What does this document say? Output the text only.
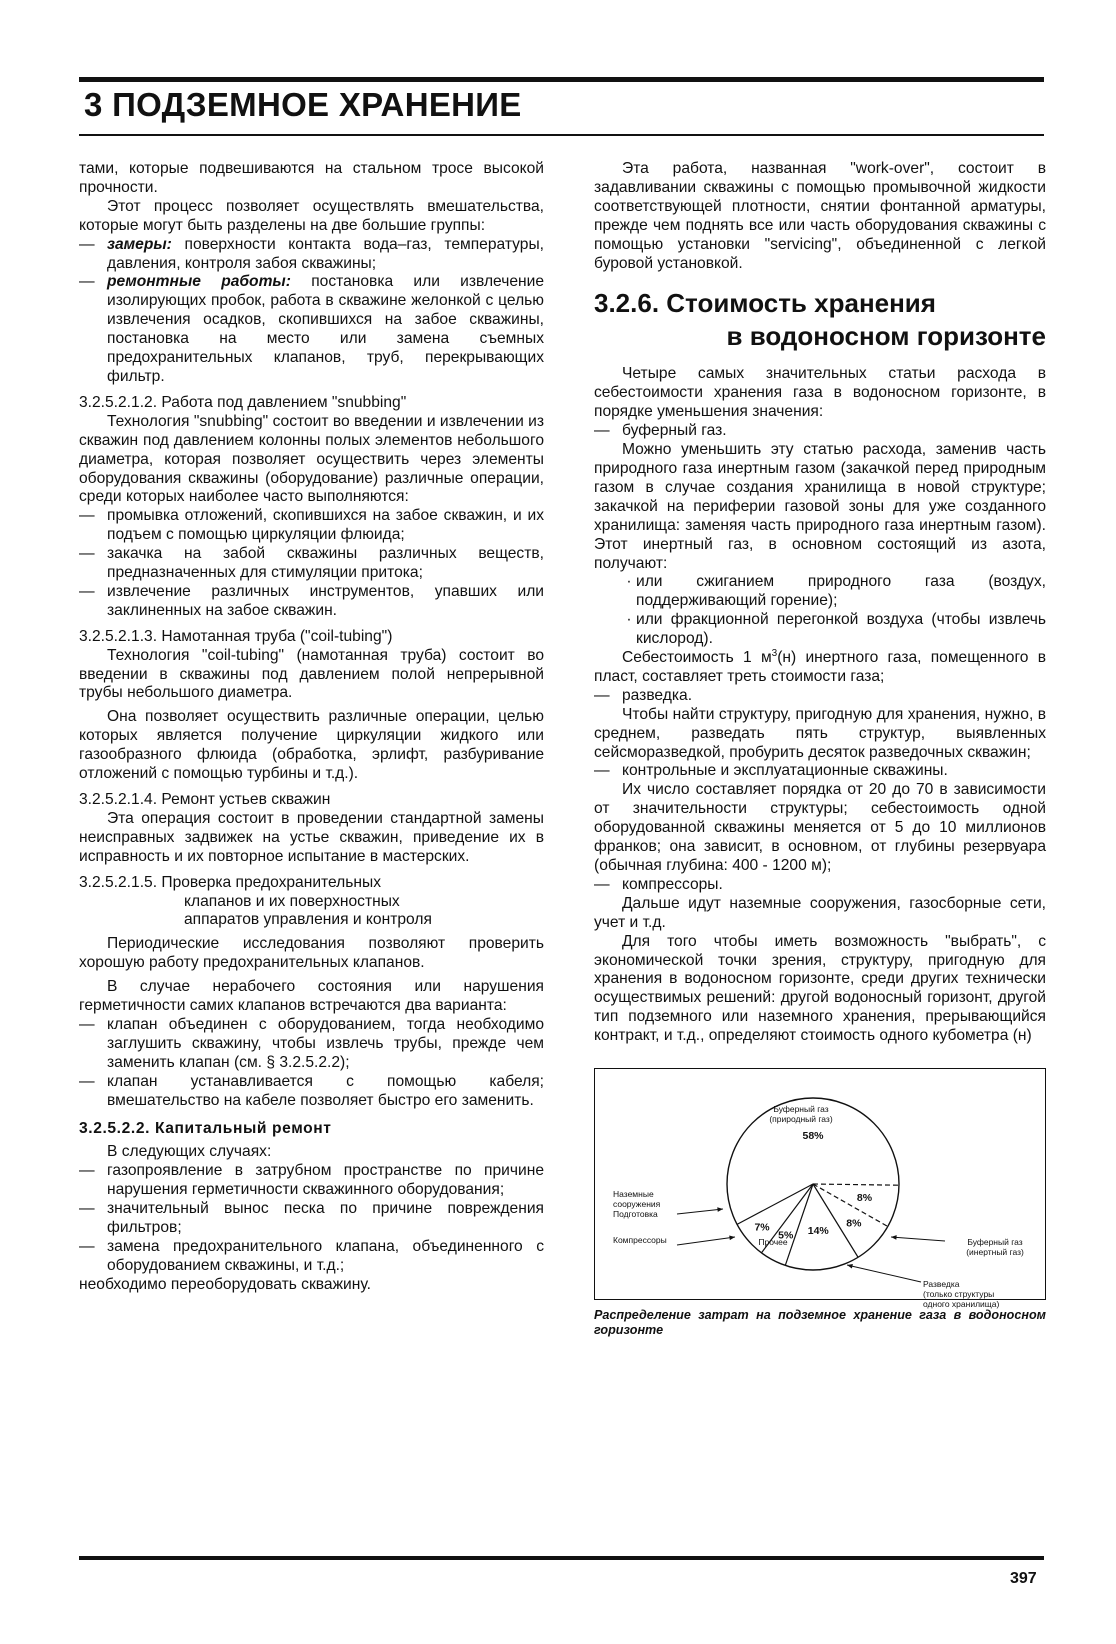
3 ПОДЗЕМНОЕ ХРАНЕНИЕ

тами, которые подвешиваются на стальном тросе высокой прочности.

Этот процесс позволяет осуществлять вмешательства, которые могут быть разделены на две большие группы:

— замеры: поверхности контакта вода–газ, температуры, давления, контроля забоя скважины;
— ремонтные работы: постановка или извлечение изолирующих пробок, работа в скважине желонкой с целью извлечения осадков, скопившихся на забое скважины, постановка на место или замена съемных предохранительных клапанов, труб, перекрывающих фильтр.

3.2.5.2.1.2. Работа под давлением "snubbing"

Технология "snubbing" состоит во введении и извлечении из скважин под давлением колонны полых элементов небольшого диаметра, которая позволяет осуществить через элементы оборудования скважины (оборудование) различные операции, среди которых наиболее часто выполняются:

— промывка отложений, скопившихся на забое скважин, и их подъем с помощью циркуляции флюида;
— закачка на забой скважины различных веществ, предназначенных для стимуляции притока;
— извлечение различных инструментов, упавших или заклиненных на забое скважин.

3.2.5.2.1.3. Намотанная труба ("coil-tubing")

Технология "coil-tubing" (намотанная труба) состоит во введении в скважины под давлением полой непрерывной трубы небольшого диаметра.

Она позволяет осуществить различные операции, целью которых является получение циркуляции жидкого или газообразного флюида (обработка, эрлифт, разбуривание отложений с помощью турбины и т.д.).

3.2.5.2.1.4. Ремонт устьев скважин

Эта операция состоит в проведении стандартной замены неисправных задвижек на устье скважин, приведение их в исправность и их повторное испытание в мастерских.

3.2.5.2.1.5. Проверка предохранительных
клапанов и их поверхностных
аппаратов управления и контроля

Периодические исследования позволяют проверить хорошую работу предохранительных клапанов.

В случае нерабочего состояния или нарушения герметичности самих клапанов встречаются два варианта:

— клапан объединен с оборудованием, тогда необходимо заглушить скважину, чтобы извлечь трубы, прежде чем заменить клапан (см. § 3.2.5.2.2);
— клапан устанавливается с помощью кабеля; вмешательство на кабеле позволяет быстро его заменить.

3.2.5.2.2. Капитальный ремонт

В следующих случаях:

— газопроявление в затрубном пространстве по причине нарушения герметичности скважинного оборудования;
— значительный вынос песка по причине повреждения фильтров;
— замена предохранительного клапана, объединенного с оборудованием скважины, и т.д.;

необходимо переоборудовать скважину.

Эта работа, названная "work-over", состоит в задавливании скважины с помощью промывочной жидкости соответствующей плотности, снятии фонтанной арматуры, прежде чем поднять все или часть оборудования скважины с помощью установки "servicing", объединенной с легкой буровой установкой.

3.2.6. Стоимость хранения
в водоносном горизонте

Четыре самых значительных статьи расхода в себестоимости хранения газа в водоносном горизонте, в порядке уменьшения значения:

— буферный газ.

Можно уменьшить эту статью расхода, заменив часть природного газа инертным газом (закачкой перед природным газом в случае создания хранилища в новой структуре; закачкой на периферии газовой зоны для уже созданного хранилища: заменяя часть природного газа инертным газом). Этот инертный газ, в основном состоящий из азота, получают:

· или сжиганием природного газа (воздух, поддерживающий горение);
· или фракционной перегонкой воздуха (чтобы извлечь кислород).

Себестоимость 1 $м^3(н)$ инертного газа, помещенного в пласт, составляет треть стоимости газа;

— разведка.

Чтобы найти структуру, пригодную для хранения, нужно, в среднем, разведать пять структур, выявленных сейсморазведкой, пробурить десяток разведочных скважин;

— контрольные и эксплуатационные скважины.

Их число составляет порядка от 20 до 70 в зависимости от значительности структуры; себестоимость одной оборудованной скважины меняется от 5 до 10 миллионов франков; она зависит, в основном, от глубины резервуара (обычная глубина: 400 - 1200 м);

— компрессоры.

Дальше идут наземные сооружения, газосборные сети, учет и т.д.

Для того чтобы иметь возможность "выбрать", с экономической точки зрения, структуру, пригодную для хранения в водоносном горизонте, среди других технически осуществимых решений: другой водоносный горизонт, другой тип подземного или наземного хранения, прерывающийся контракт, и т.д., определяют стоимость одного кубометра (н)

58%
8%
8%
14%
5%
7%
Буферный газ
(природный газ)
Буферный газ
(инертный газ)
Разведка
(только структуры
одного хранилища)
Прочее
Компрессоры
Наземные
сооружения
Подготовка

Распределение затрат на подземное хранение газа в водоносном горизонте

397
